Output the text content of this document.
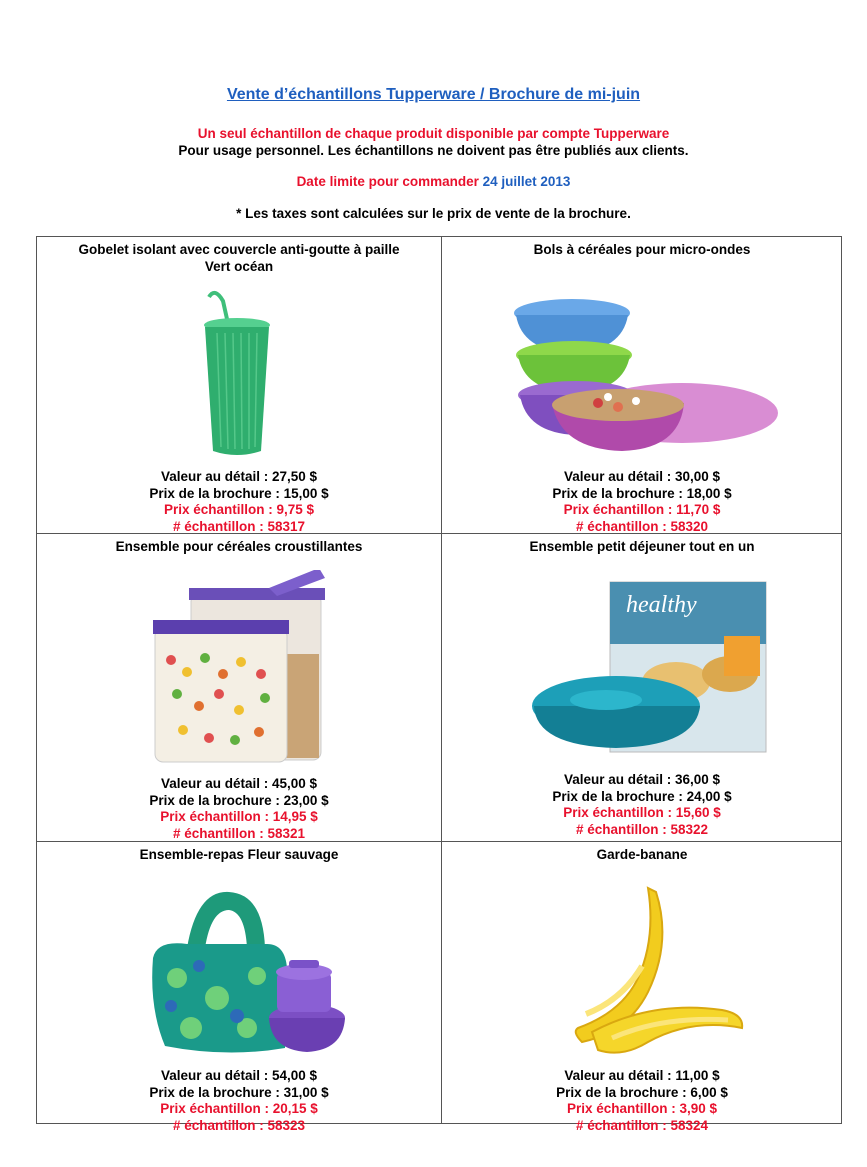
Vente d’échantillons Tupperware / Brochure de mi-juin
Un seul échantillon de chaque produit disponible par compte Tupperware
Pour usage personnel. Les échantillons ne doivent pas être publiés aux clients.
Date limite pour commander 24 juillet 2013
* Les taxes sont calculées sur le prix de vente de la brochure.
Gobelet isolant avec couvercle anti-goutte à paille
Vert océan
Valeur au détail : 27,50 $
Prix de la brochure : 15,00 $
Prix échantillon : 9,75 $
# échantillon : 58317
Bols à céréales pour micro-ondes
Valeur au détail : 30,00 $
Prix de la brochure : 18,00 $
Prix échantillon : 11,70 $
# échantillon : 58320
Ensemble pour céréales croustillantes
Valeur au détail : 45,00 $
Prix de la brochure : 23,00 $
Prix échantillon : 14,95 $
# échantillon : 58321
Ensemble petit déjeuner tout en un
healthy
Valeur au détail : 36,00 $
Prix de la brochure : 24,00 $
Prix échantillon : 15,60 $
# échantillon : 58322
Ensemble-repas Fleur sauvage
Valeur au détail : 54,00 $
Prix de la brochure : 31,00 $
Prix échantillon : 20,15 $
# échantillon : 58323
Garde-banane
Valeur au détail : 11,00 $
Prix de la brochure : 6,00 $
Prix échantillon : 3,90 $
# échantillon : 58324
